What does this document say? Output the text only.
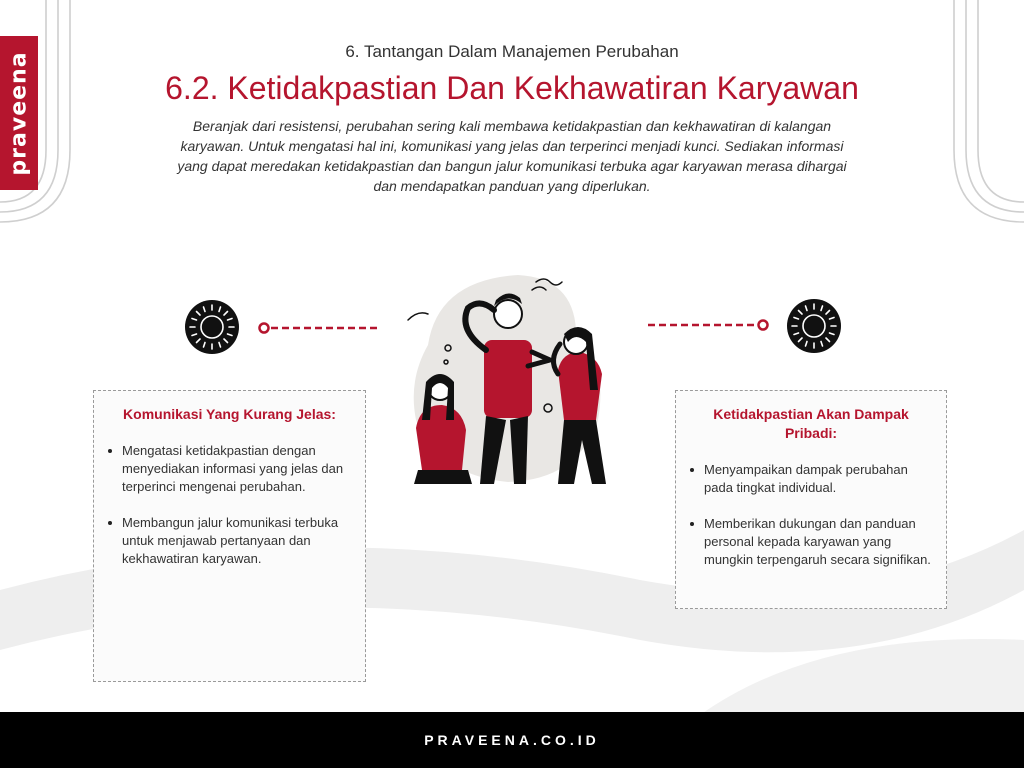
praveena	6. Tantangan Dalam Manajemen Perubahan
6.2. Ketidakpastian Dan Kekhawatiran Karyawan

Beranjak dari resistensi, perubahan sering kali membawa ketidakpastian dan kekhawatiran di kalangan karyawan. Untuk mengatasi hal ini, komunikasi yang jelas dan terperinci menjadi kunci. Sediakan informasi yang dapat meredakan ketidakpastian dan bangun jalur komunikasi terbuka agar karyawan merasa dihargai dan mendapatkan panduan yang diperlukan.

Komunikasi Yang Kurang Jelas:
Mengatasi ketidakpastian dengan menyediakan informasi yang jelas dan terperinci mengenai perubahan.
Membangun jalur komunikasi terbuka untuk menjawab pertanyaan dan kekhawatiran karyawan.
Ketidakpastian Akan Dampak Pribadi:
Menyampaikan dampak perubahan pada tingkat individual.
Memberikan dukungan dan panduan personal kepada karyawan yang mungkin terpengaruh secara signifikan.
PRAVEENA.CO.ID
